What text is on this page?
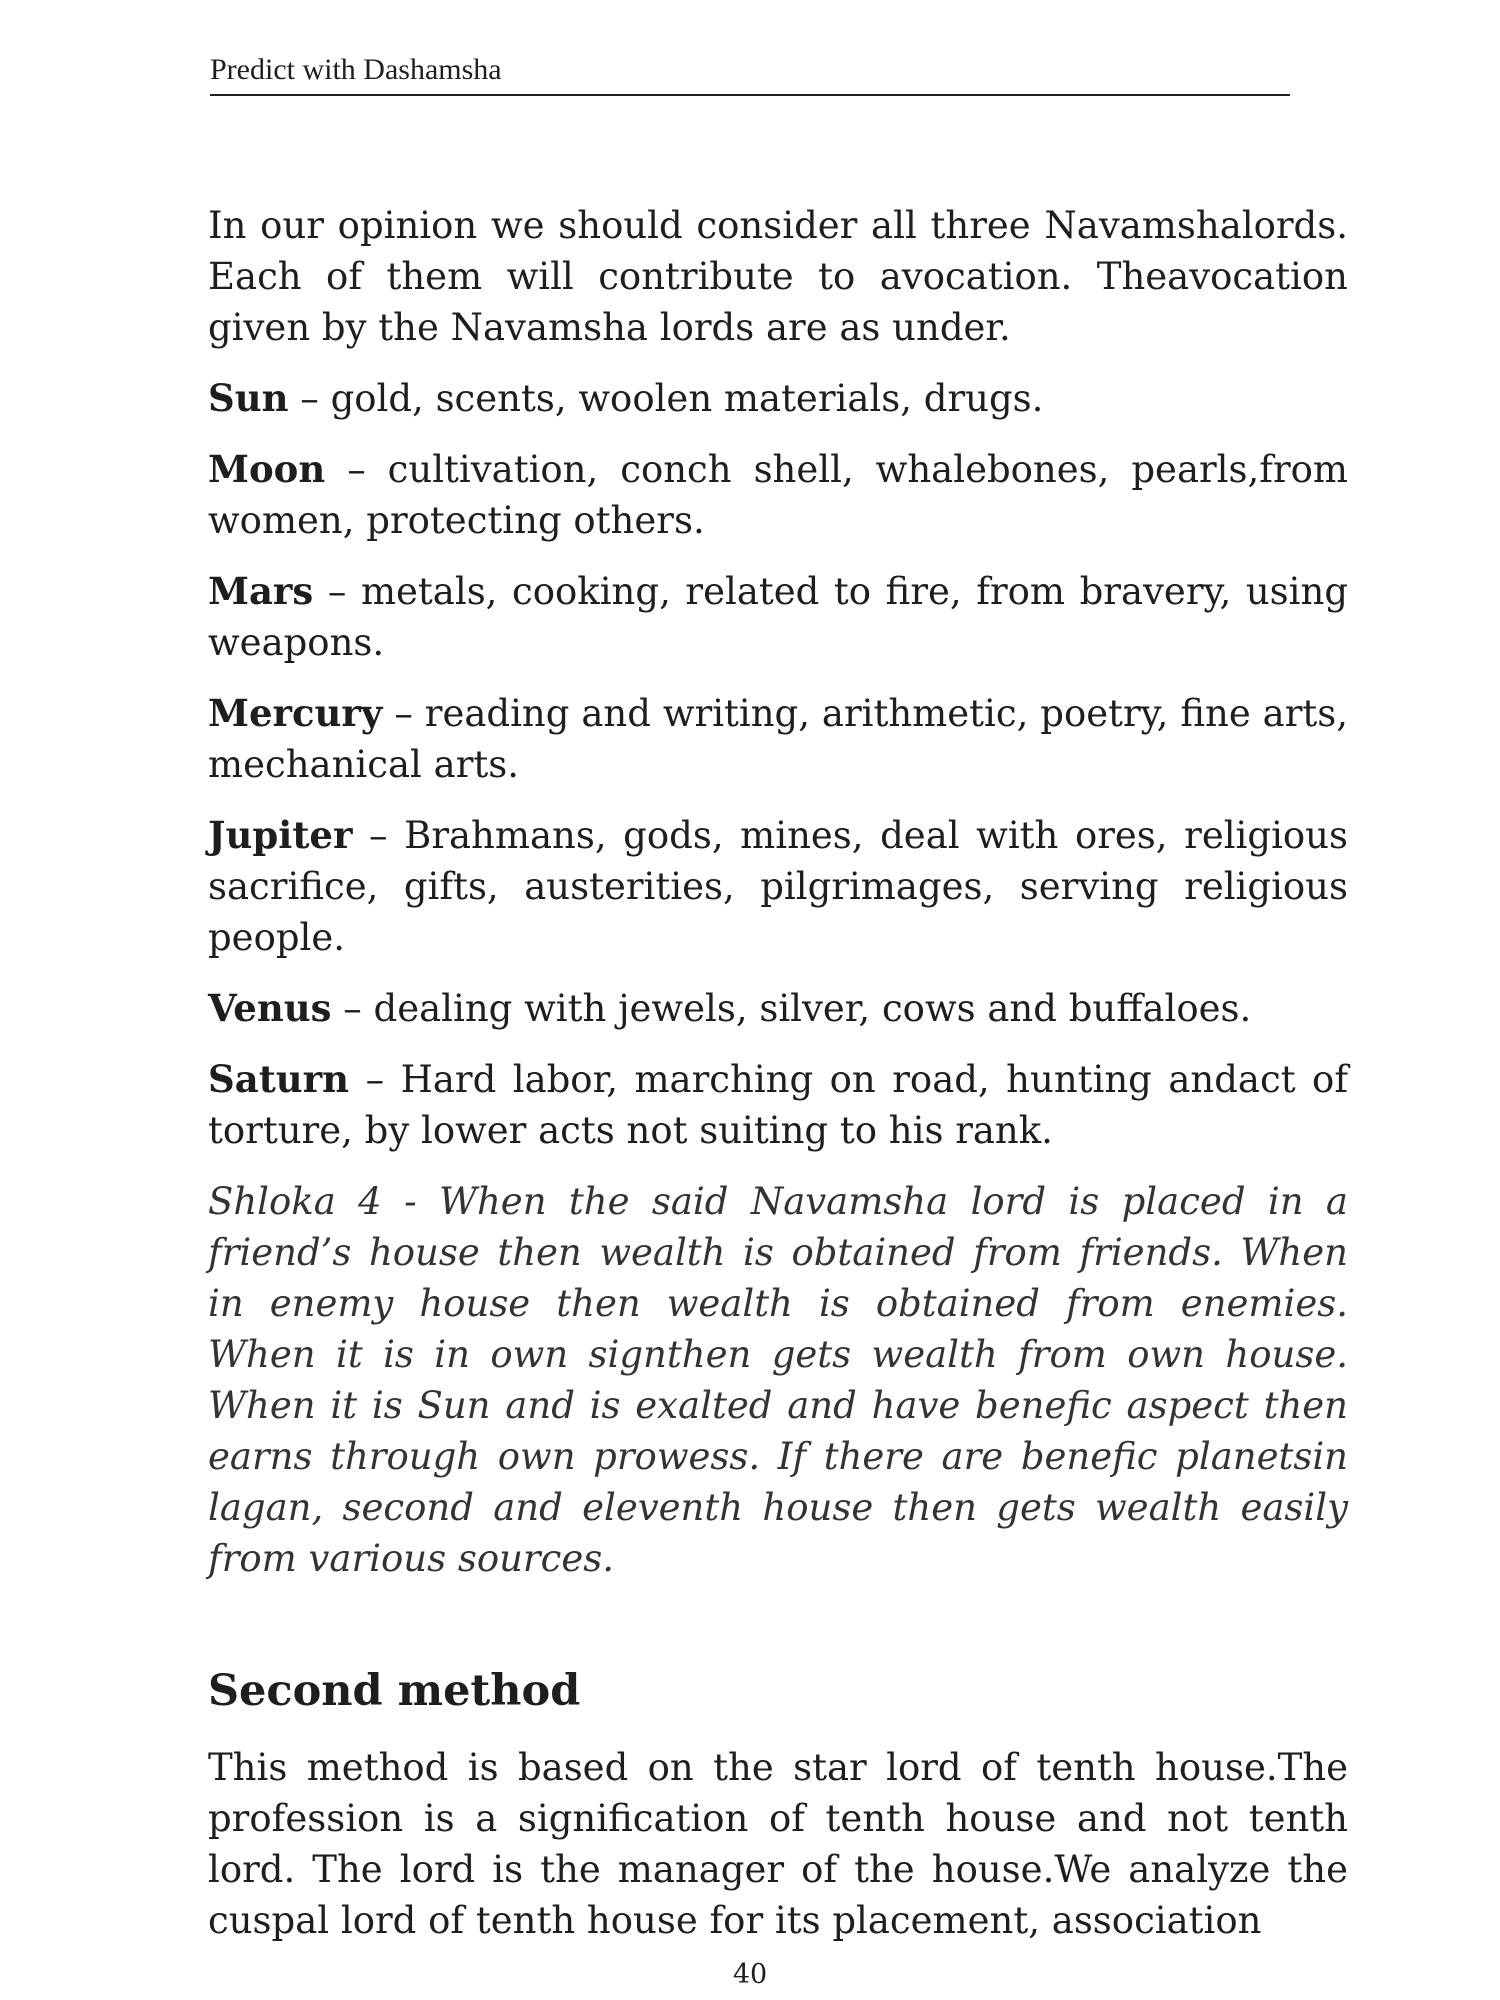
Predict with Dashamsha

In our opinion we should consider all three Navamshalords. Each of them will contribute to avocation. Theavocation given by the Navamsha lords are as under.

Sun – gold, scents, woolen materials, drugs.

Moon – cultivation, conch shell, whalebones, pearls,from women, protecting others.

Mars – metals, cooking, related to fire, from bravery, using weapons.

Mercury – reading and writing, arithmetic, poetry, fine arts, mechanical arts.

Jupiter – Brahmans, gods, mines, deal with ores, religious sacrifice, gifts, austerities, pilgrimages, serving religious people.

Venus – dealing with jewels, silver, cows and buffaloes.

Saturn – Hard labor, marching on road, hunting andact of torture, by lower acts not suiting to his rank.

Shloka 4 - When the said Navamsha lord is placed in a friend’s house then wealth is obtained from friends. When in enemy house then wealth is obtained from enemies. When it is in own signthen gets wealth from own house. When it is Sun and is exalted and have benefic aspect then earns through own prowess. If there are benefic planetsin lagan, second and eleventh house then gets wealth easily from various sources.

Second method

This method is based on the star lord of tenth house.The profession is a signification of tenth house and not tenth lord. The lord is the manager of the house.We analyze the cuspal lord of tenth house for its placement, association

40
